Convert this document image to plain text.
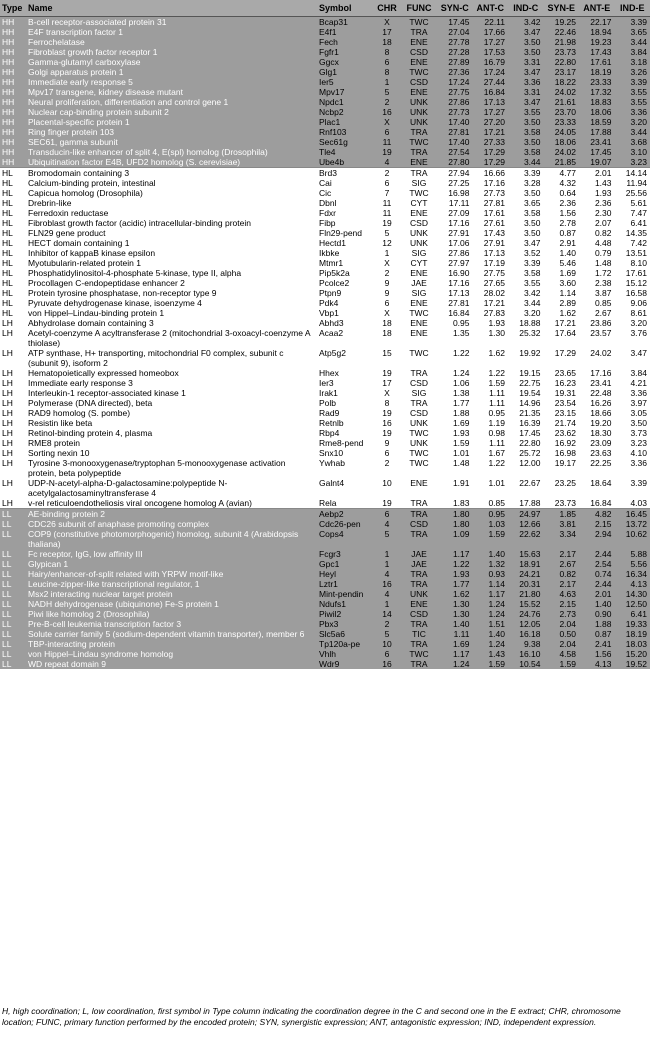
Type	Name	Symbol	CHR	FUNC	SYN-C	ANT-C	IND-C	SYN-E	ANT-E	IND-E
HH	B-cell receptor-associated protein 31	Bcap31	X	TWC	17.45	22.11	3.42	19.25	22.17	3.39
HH	E4F transcription factor 1	E4f1	17	TRA	27.04	17.66	3.47	22.46	18.94	3.65
HH	Ferrochelatase	Fech	18	ENE	27.78	17.27	3.50	21.98	19.23	3.44
HH	Fibroblast growth factor receptor 1	Fgfr1	8	CSD	27.28	17.53	3.50	23.73	17.43	3.84
HH	Gamma-glutamyl carboxylase	Ggcx	6	ENE	27.89	16.79	3.31	22.80	17.61	3.18
HH	Golgi apparatus protein 1	Glg1	8	TWC	27.36	17.24	3.47	23.17	18.19	3.26
HH	Immediate early response 5	Ier5	1	CSD	17.24	27.44	3.36	18.22	23.33	3.39
HH	Mpv17 transgene, kidney disease mutant	Mpv17	5	ENE	27.75	16.84	3.31	24.02	17.32	3.55
HH	Neural proliferation, differentiation and control gene 1	Npdc1	2	UNK	27.86	17.13	3.47	21.61	18.83	3.55
HH	Nuclear cap-binding protein subunit 2	Ncbp2	16	UNK	27.73	17.27	3.55	23.70	18.06	3.36
HH	Placental-specific protein 1	Plac1	X	UNK	17.40	27.20	3.50	23.33	18.59	3.20
HH	Ring finger protein 103	Rnf103	6	TRA	27.81	17.21	3.58	24.05	17.88	3.44
HH	SEC61, gamma subunit	Sec61g	11	TWC	17.40	27.33	3.50	18.06	23.41	3.68
HH	Transducin-like enhancer of split 4, E(spl) homolog (Drosophila)	Tle4	19	TRA	27.54	17.29	3.58	24.02	17.45	3.10
HH	Ubiquitination factor E4B, UFD2 homolog (S. cerevisiae)	Ube4b	4	ENE	27.80	17.29	3.44	21.85	19.07	3.23
HL	Bromodomain containing 3	Brd3	2	TRA	27.94	16.66	3.39	4.77	2.01	14.14
HL	Calcium-binding protein, intestinal	Cai	6	SIG	27.25	17.16	3.28	4.32	1.43	11.94
HL	Capicua homolog (Drosophila)	Cic	7	TWC	16.98	27.73	3.50	0.64	1.93	25.56
HL	Drebrin-like	Dbnl	11	CYT	17.11	27.81	3.65	2.36	2.36	5.61
HL	Ferredoxin reductase	Fdxr	11	ENE	27.09	17.61	3.58	1.56	2.30	7.47
HL	Fibroblast growth factor (acidic) intracellular-binding protein	Fibp	19	CSD	17.16	27.61	3.50	2.78	2.07	6.41
HL	FLN29 gene product	Fln29-pend	5	UNK	27.91	17.43	3.50	0.87	0.82	14.35
HL	HECT domain containing 1	Hectd1	12	UNK	17.06	27.91	3.47	2.91	4.48	7.42
HL	Inhibitor of kappaB kinase epsilon	Ikbke	1	SIG	27.86	17.13	3.52	1.40	0.79	13.51
HL	Myotubularin-related protein 1	Mtmr1	X	CYT	27.97	17.19	3.39	5.46	1.48	8.10
HL	Phosphatidylinositol-4-phosphate 5-kinase, type II, alpha	Pip5k2a	2	ENE	16.90	27.75	3.58	1.69	1.72	17.61
HL	Procollagen C-endopeptidase enhancer 2	Pcolce2	9	JAE	17.16	27.65	3.55	3.60	2.38	15.12
HL	Protein tyrosine phosphatase, non-receptor type 9	Ptpn9	9	SIG	17.13	28.02	3.42	1.14	3.87	16.58
HL	Pyruvate dehydrogenase kinase, isoenzyme 4	Pdk4	6	ENE	27.81	17.21	3.44	2.89	0.85	9.06
HL	von Hippel–Lindau-binding protein 1	Vbp1	X	TWC	16.84	27.83	3.20	1.62	2.67	8.61
LH	Abhydrolase domain containing 3	Abhd3	18	ENE	0.95	1.93	18.88	17.21	23.86	3.20
LH	Acetyl-coenzyme A acyltransferase 2 (mitochondrial 3-oxoacyl-coenzyme A thiolase)	Acaa2	18	ENE	1.35	1.30	25.32	17.64	23.57	3.76
LH	ATP synthase, H+ transporting, mitochondrial F0 complex, subunit c (subunit 9), isoform 2	Atp5g2	15	TWC	1.22	1.62	19.92	17.29	24.02	3.47
LH	Hematopoietically expressed homeobox	Hhex	19	TRA	1.24	1.22	19.15	23.65	17.16	3.84
LH	Immediate early response 3	Ier3	17	CSD	1.06	1.59	22.75	16.23	23.41	4.21
LH	Interleukin-1 receptor-associated kinase 1	Irak1	X	SIG	1.38	1.11	19.54	19.31	22.48	3.36
LH	Polymerase (DNA directed), beta	Polb	8	TRA	1.77	1.11	14.96	23.54	16.26	3.97
LH	RAD9 homolog (S. pombe)	Rad9	19	CSD	1.88	0.95	21.35	23.15	18.66	3.05
LH	Resistin like beta	Retnlb	16	UNK	1.69	1.19	16.39	21.74	19.20	3.50
LH	Retinol-binding protein 4, plasma	Rbp4	19	TWC	1.93	0.98	17.45	23.62	18.30	3.73
LH	RME8 protein	Rme8-pend	9	UNK	1.59	1.11	22.80	16.92	23.09	3.23
LH	Sorting nexin 10	Snx10	6	TWC	1.01	1.67	25.72	16.98	23.63	4.10
LH	Tyrosine 3-monooxygenase/tryptophan 5-monooxygenase activation protein, beta polypeptide	Ywhab	2	TWC	1.48	1.22	12.00	19.17	22.25	3.36
LH	UDP-N-acetyl-alpha-D-galactosamine:polypeptide N-acetylgalactosaminyltransferase 4	Galnt4	10	ENE	1.91	1.01	22.67	23.25	18.64	3.39
LH	v-rel reticuloendotheliosis viral oncogene homolog A (avian)	Rela	19	TRA	1.83	0.85	17.88	23.73	16.84	4.03
LL	AE-binding protein 2	Aebp2	6	TRA	1.80	0.95	24.97	1.85	4.82	16.45
LL	CDC26 subunit of anaphase promoting complex	Cdc26-pen	4	CSD	1.80	1.03	12.66	3.81	2.15	13.72
LL	COP9 (constitutive photomorphogenic) homolog, subunit 4 (Arabidopsis thaliana)	Cops4	5	TRA	1.09	1.59	22.62	3.34	2.94	10.62
LL	Fc receptor, IgG, low affinity III	Fcgr3	1	JAE	1.17	1.40	15.63	2.17	2.44	5.88
LL	Glypican 1	Gpc1	1	JAE	1.22	1.32	18.91	2.67	2.54	5.56
LL	Hairy/enhancer-of-split related with YRPW motif-like	Heyl	4	TRA	1.93	0.93	24.21	0.82	0.74	16.34
LL	Leucine-zipper-like transcriptional regulator, 1	Lztr1	16	TRA	1.77	1.14	20.31	2.17	2.44	4.13
LL	Msx2 interacting nuclear target protein	Mint-pendin	4	UNK	1.62	1.17	21.80	4.63	2.01	14.30
LL	NADH dehydrogenase (ubiquinone) Fe-S protein 1	Ndufs1	1	ENE	1.30	1.24	15.52	2.15	1.40	12.50
LL	Piwi like homolog 2 (Drosophila)	Piwil2	14	CSD	1.30	1.24	24.76	2.73	0.90	6.41
LL	Pre-B-cell leukemia transcription factor 3	Pbx3	2	TRA	1.40	1.51	12.05	2.04	1.88	19.33
LL	Solute carrier family 5 (sodium-dependent vitamin transporter), member 6	Slc5a6	5	TIC	1.11	1.40	16.18	0.50	0.87	18.19
LL	TBP-interacting protein	Tp120a-pe	10	TRA	1.69	1.24	9.38	2.04	2.41	18.03
LL	von Hippel–Lindau syndrome homolog	Vhlh	6	TWC	1.17	1.43	16.10	4.58	1.56	15.20
LL	WD repeat domain 9	Wdr9	16	TRA	1.24	1.59	10.54	1.59	4.13	19.52
H, high coordination; L, low coordination, first symbol in Type column indicating the coordination degree in the C and second one in the E extract; CHR, chromosome location; FUNC, primary function performed by the encoded protein; SYN, synergistic expression; ANT, antagonistic expression; IND, independent expression.
